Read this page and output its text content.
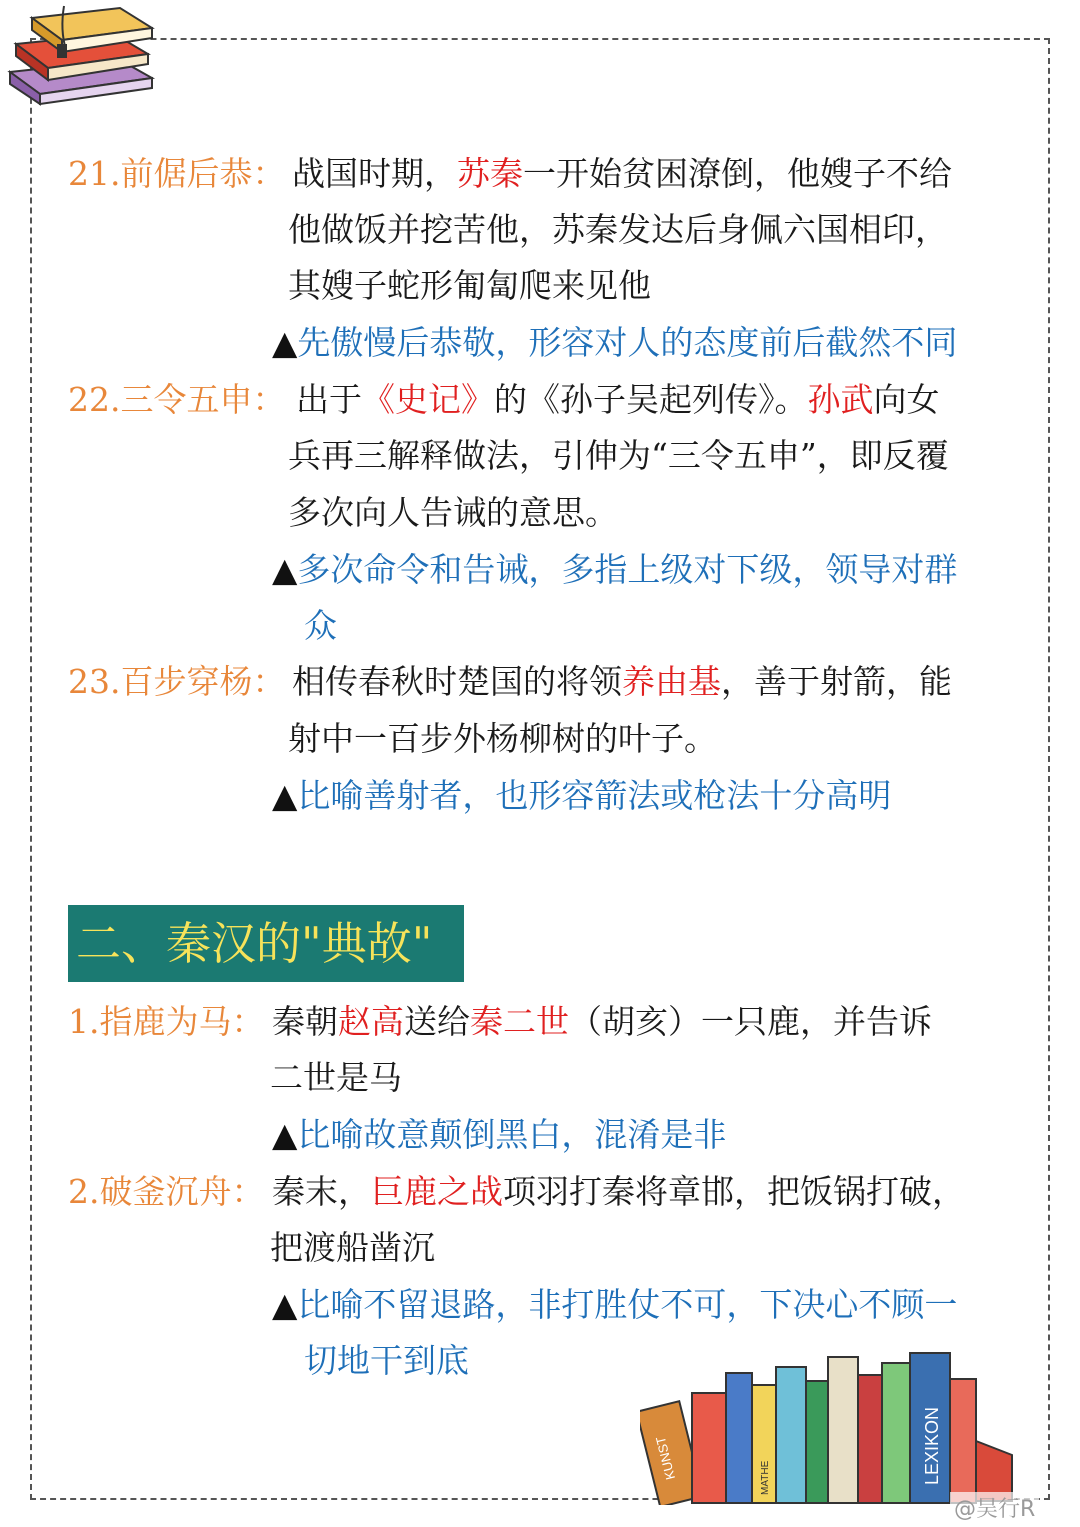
KUNST	MATHE	LEXIKON
@吴行R
21.前倨后恭： 战国时期，苏秦一开始贫困潦倒，他嫂子不给
他做饭并挖苦他，苏秦发达后身佩六国相印，
其嫂子蛇形匍匐爬来见他
▲先傲慢后恭敬，形容对人的态度前后截然不同
22.三令五申： 出于《史记》的《孙子吴起列传》。孙武向女
兵再三解释做法，引伸为“三令五申”，即反覆
多次向人告诫的意思。
▲多次命令和告诫，多指上级对下级，领导对群
众
23.百步穿杨： 相传春秋时楚国的将领养由基，善于射箭，能
射中一百步外杨柳树的叶子。
▲比喻善射者，也形容箭法或枪法十分高明
二、秦汉的"典故"
1.指鹿为马： 秦朝赵高送给秦二世（胡亥）一只鹿，并告诉
二世是马
▲比喻故意颠倒黑白，混淆是非
2.破釜沉舟： 秦末，巨鹿之战项羽打秦将章邯，把饭锅打破，
把渡船凿沉
▲比喻不留退路，非打胜仗不可，下决心不顾一
切地干到底
